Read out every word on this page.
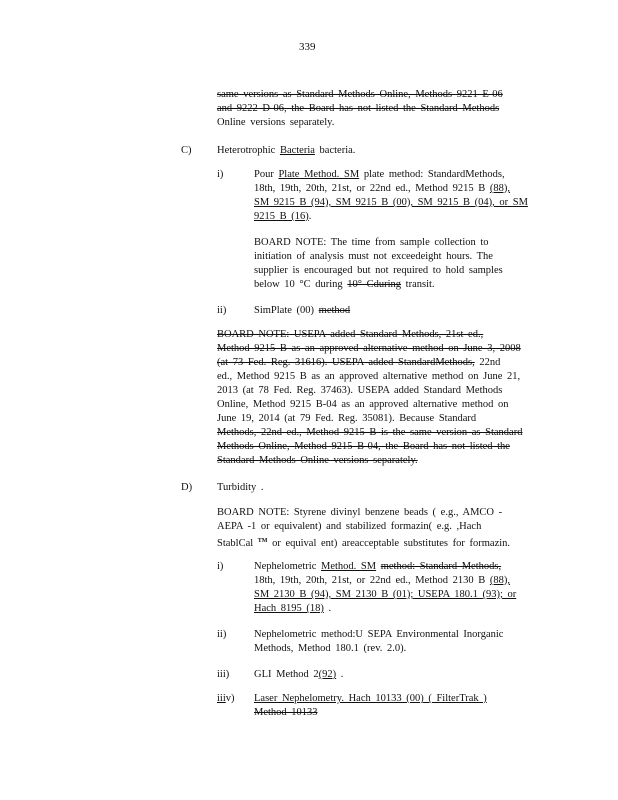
339
same versions as Standard Methods Online, Methods 9221 E-06
and 9222 D-06, the Board has not listed the Standard Methods
Online versions separately.
C) Heterotrophic Bacteria bacteria.
i)	Pour Plate Method. SM plate method: StandardMethods,
18th, 19th, 20th, 21st, or 22nd ed., Method 9215 B (88),
SM 9215 B (94), SM 9215 B (00), SM 9215 B (04), or SM
9215 B (16).
BOARD NOTE: The time from sample collection to
initiation of analysis must not exceedeight hours. The
supplier is encouraged but not required to hold samples
below 10 °C during 10° Cduring transit.
ii)	SimPlate (00) method
BOARD NOTE: USEPA added Standard Methods, 21st ed.,
Method 9215 B as an approved alternative method on June 3, 2008
(at 73 Fed. Reg. 31616). USEPA added StandardMethods, 22nd
ed., Method 9215 B as an approved alternative method on June 21,
2013 (at 78 Fed. Reg. 37463). USEPA added Standard Methods
Online, Method 9215 B-04 as an approved alternative method on
June 19, 2014 (at 79 Fed. Reg. 35081). Because Standard
Methods, 22nd ed., Method 9215 B is the same version as Standard
Methods Online, Method 9215 B-04, the Board has not listed the
Standard Methods Online versions separately.
D) Turbidity .
BOARD NOTE: Styrene divinyl benzene beads ( e.g., AMCO -
AEPA -1 or equivalent) and stabilized formazin( e.g. ,Hach
StablCal ™ or equival ent) areacceptable substitutes for formazin.
i)	Nephelometric Method. SM method: Standard Methods,
18th, 19th, 20th, 21st, or 22nd ed., Method 2130 B (88),
SM 2130 B (94), SM 2130 B (01); USEPA 180.1 (93); or
Hach 8195 (18) .
ii)	Nephelometric method:U SEPA Environmental Inorganic
Methods, Method 180.1 (rev. 2.0).
iii) GLI Method 2(92) .
iiiv) Laser Nephelometry. Hach 10133 (00) ( FilterTrak )
Method 10133
